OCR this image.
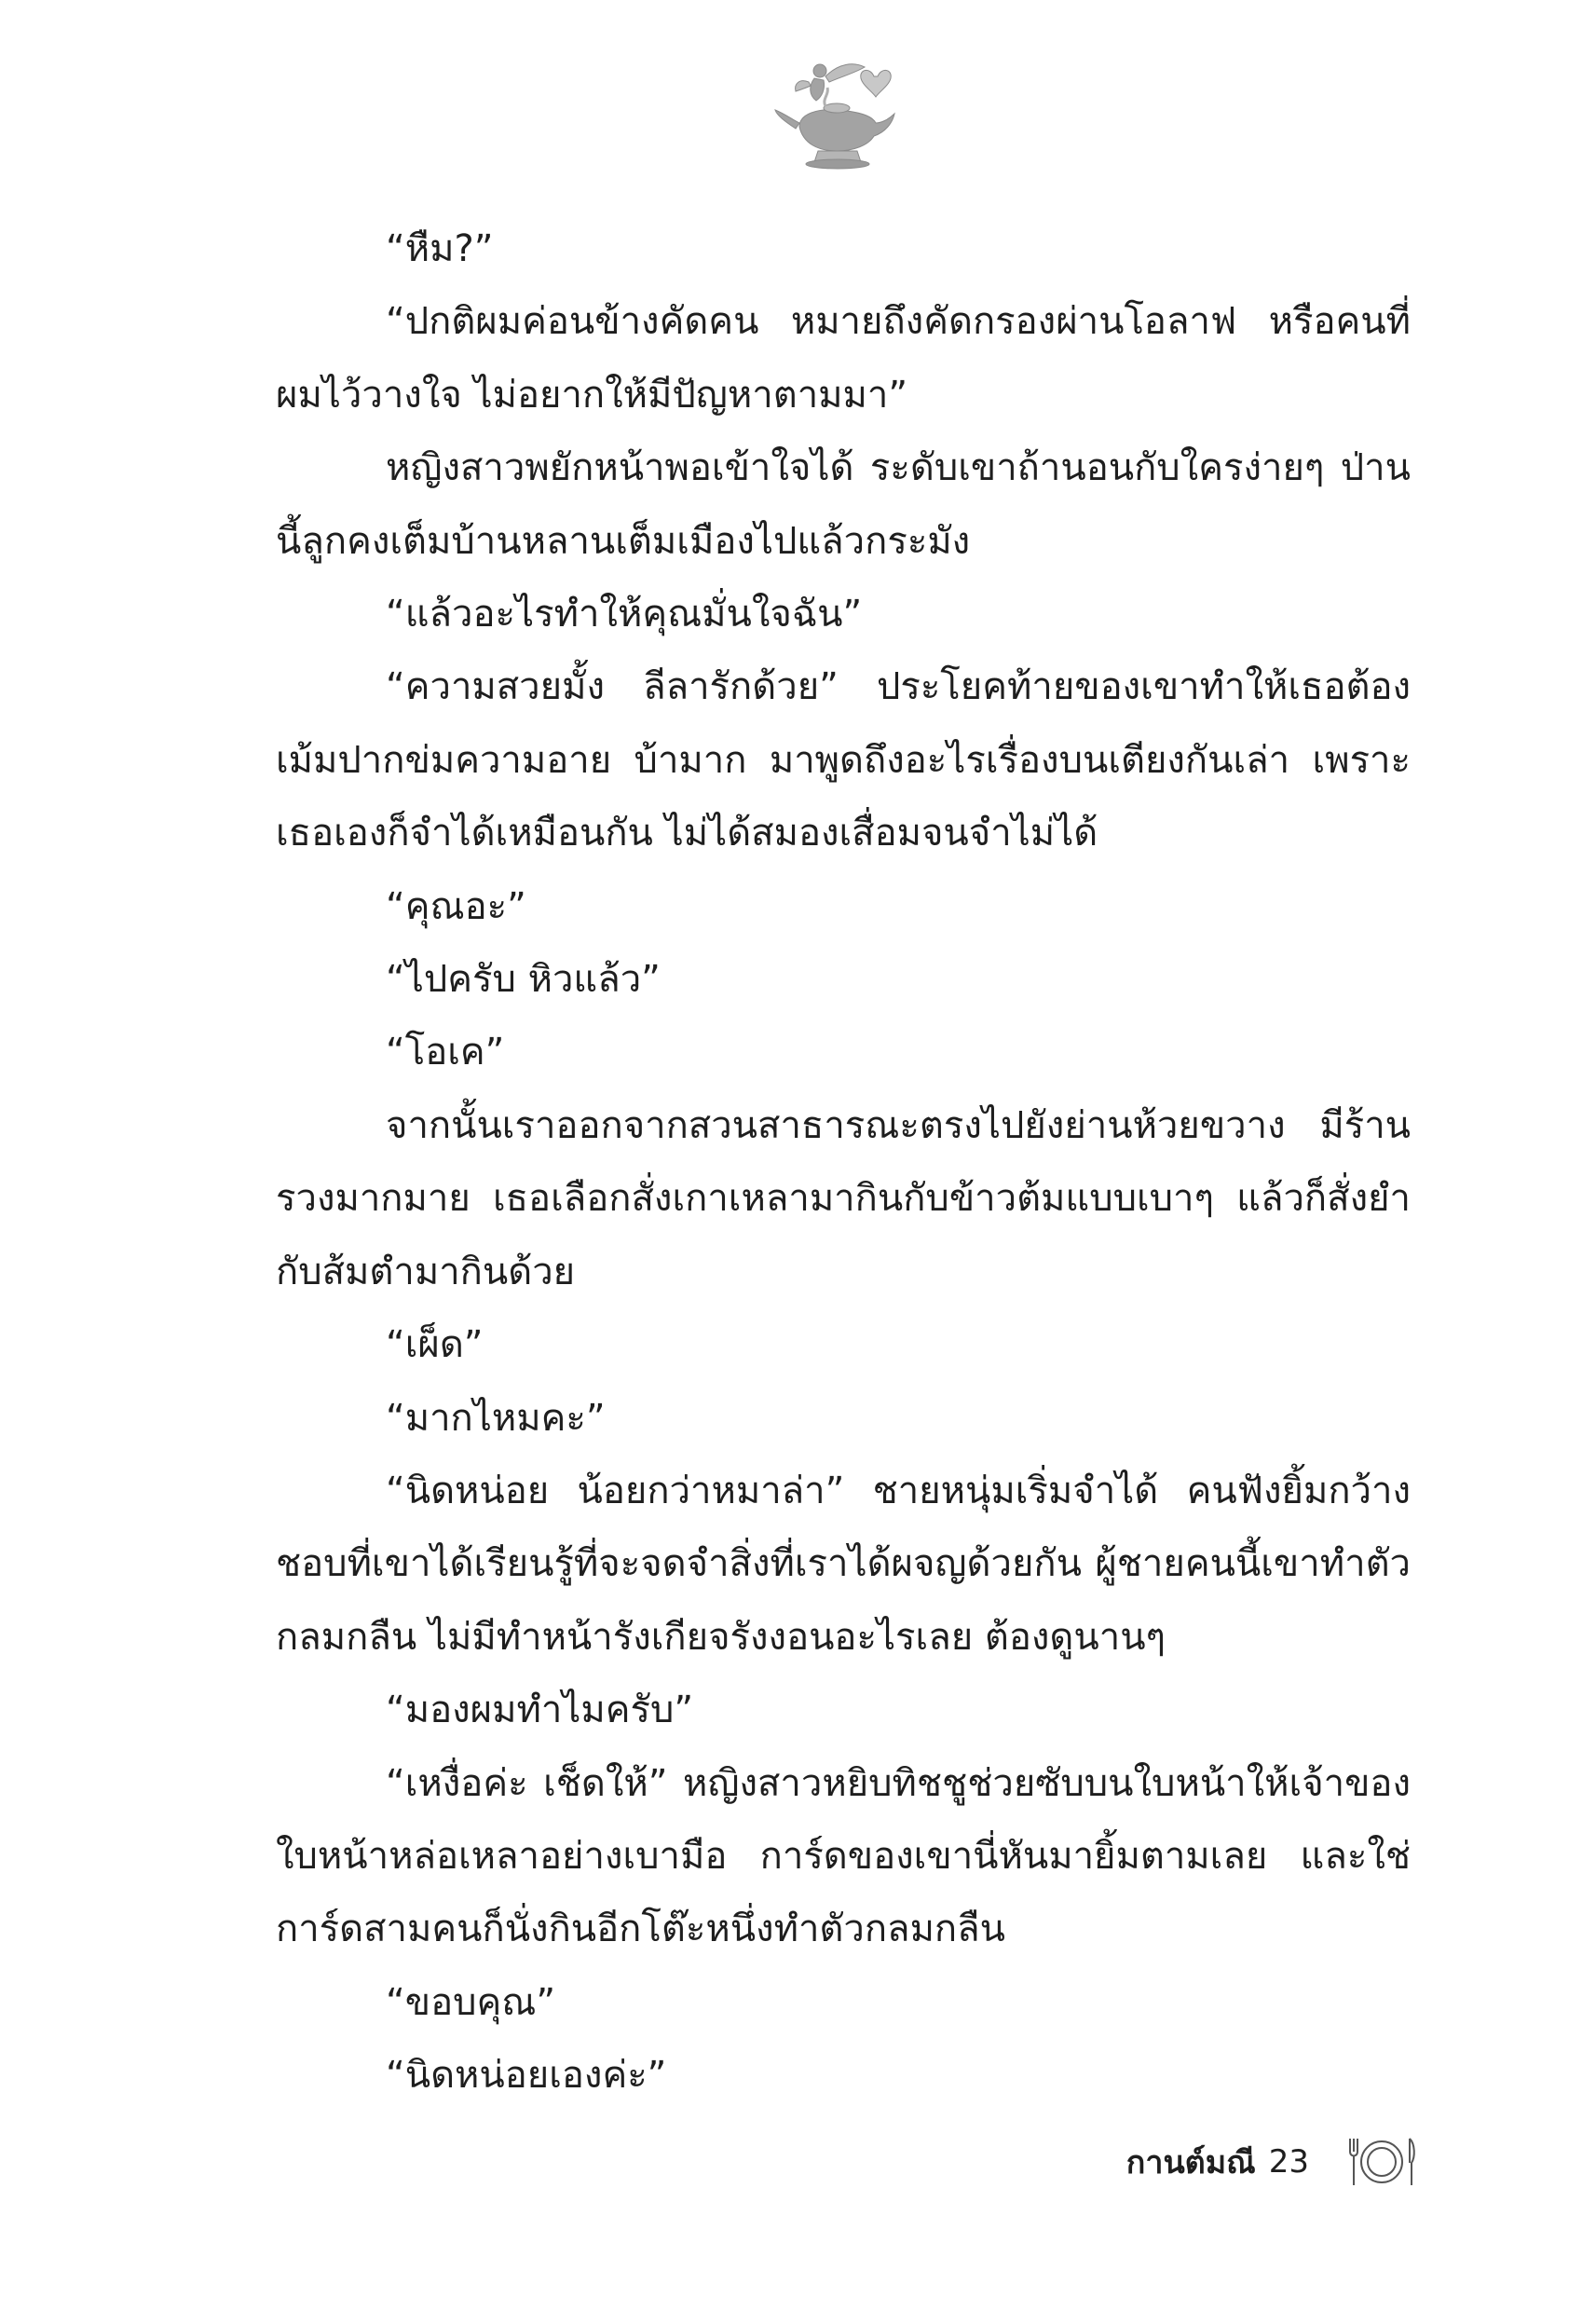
“หืม?”

“ปกติผมค่อนข้างคัดคน หมายถึงคัดกรองผ่านโอลาฟ หรือคนที่ผมไว้วางใจ ไม่อยากให้มีปัญหาตามมา”

หญิงสาวพยักหน้าพอเข้าใจได้ ระดับเขาถ้านอนกับใครง่ายๆ ป่านนี้ลูกคงเต็มบ้านหลานเต็มเมืองไปแล้วกระมัง

“แล้วอะไรทำให้คุณมั่นใจฉัน”

“ความสวยมั้ง ลีลารักด้วย” ประโยคท้ายของเขาทำให้เธอต้องเม้มปากข่มความอาย บ้ามาก มาพูดถึงอะไรเรื่องบนเตียงกันเล่า เพราะเธอเองก็จำได้เหมือนกัน ไม่ได้สมองเสื่อมจนจำไม่ได้

“คุณอะ”

“ไปครับ หิวแล้ว”

“โอเค”

จากนั้นเราออกจากสวนสาธารณะตรงไปยังย่านห้วยขวาง มีร้านรวงมากมาย เธอเลือกสั่งเกาเหลามากินกับข้าวต้มแบบเบาๆ แล้วก็สั่งยำกับส้มตำมากินด้วย

“เผ็ด”

“มากไหมคะ”

“นิดหน่อย น้อยกว่าหมาล่า” ชายหนุ่มเริ่มจำได้ คนฟังยิ้มกว้าง ชอบที่เขาได้เรียนรู้ที่จะจดจำสิ่งที่เราได้ผจญด้วยกัน ผู้ชายคนนี้เขาทำตัวกลมกลืน ไม่มีทำหน้ารังเกียจรังงอนอะไรเลย ต้องดูนานๆ

“มองผมทำไมครับ”

“เหงื่อค่ะ เช็ดให้” หญิงสาวหยิบทิชชูช่วยซับบนใบหน้าให้เจ้าของใบหน้าหล่อเหลาอย่างเบามือ การ์ดของเขานี่หันมายิ้มตามเลย และใช่การ์ดสามคนก็นั่งกินอีกโต๊ะหนึ่งทำตัวกลมกลืน

“ขอบคุณ”

“นิดหน่อยเองค่ะ”

กานต์มณี 23
